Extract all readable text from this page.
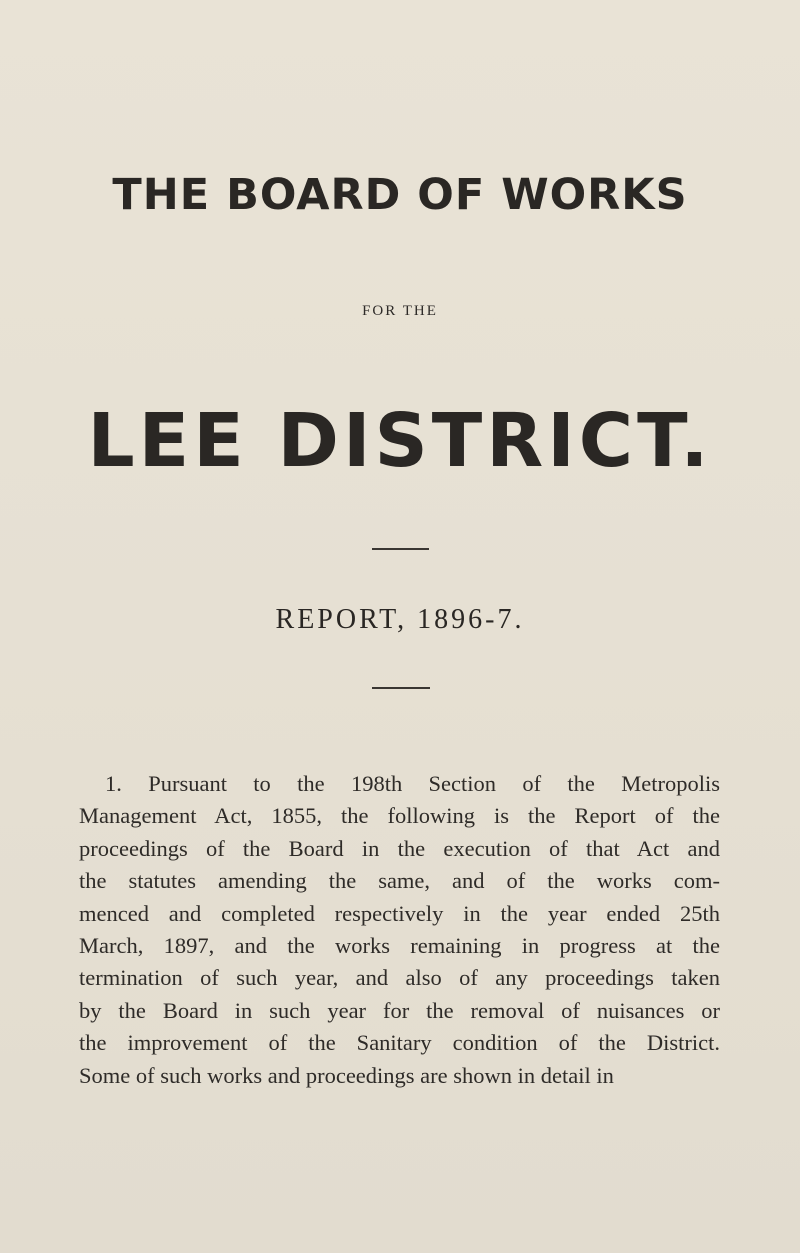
THE BOARD OF WORKS
FOR THE
LEE DISTRICT.
REPORT, 1896-7.
1. Pursuant to the 198th Section of the Metropolis
Management Act, 1855, the following is the Report of the
proceedings of the Board in the execution of that Act and
the statutes amending the same, and of the works com-
menced and completed respectively in the year ended 25th
March, 1897, and the works remaining in progress at the
termination of such year, and also of any proceedings taken
by the Board in such year for the removal of nuisances or
the improvement of the Sanitary condition of the District.
Some of such works and proceedings are shown in detail in
